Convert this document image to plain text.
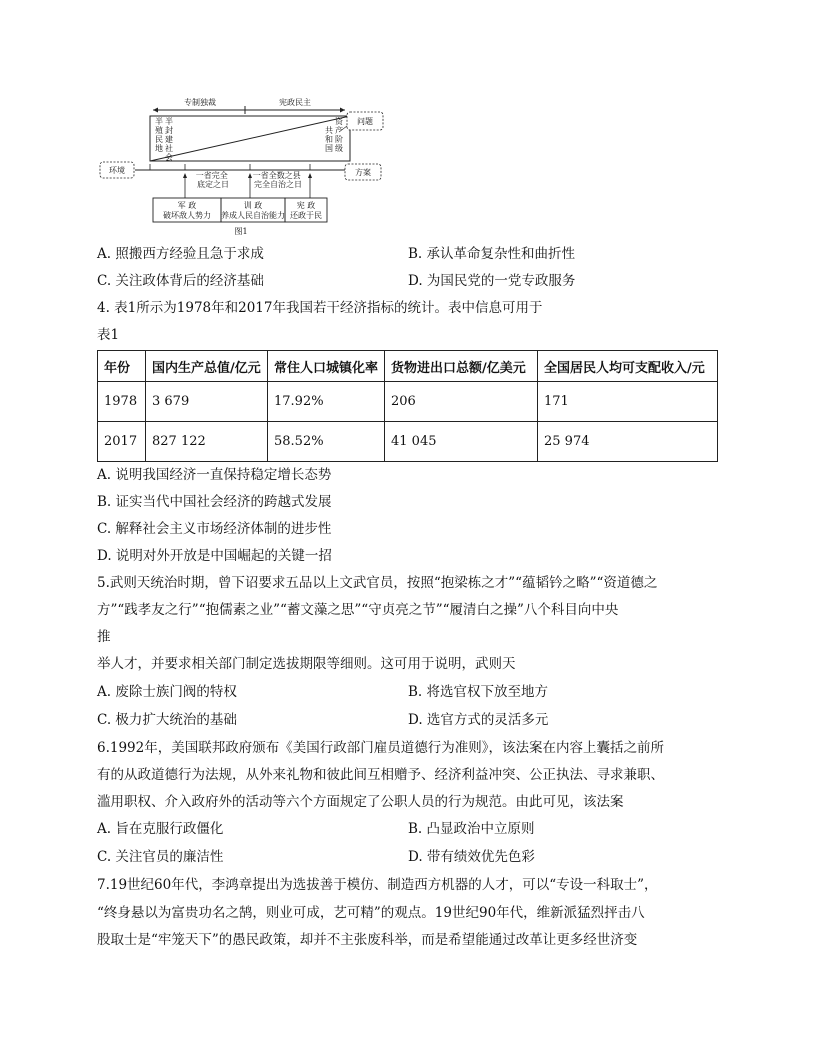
专制独裁	宪政民主
半殖民地 半封建社会
资产阶级 共和国
问题
环境	方案
一省完全 底定之日
一省全数之县 完全自治之日
军 政
破坏敌人势力
训 政
养成人民自治能力
宪 政
还政于民
图1
A. 照搬西方经验且急于求成	B. 承认革命复杂性和曲折性
C. 关注政体背后的经济基础	D. 为国民党的一党专政服务
4. 表1所示为1978年和2017年我国若干经济指标的统计。表中信息可用于
表1
年份	国内生产总值/亿元	常住人口城镇化率	货物进出口总额/亿美元	全国居民人均可支配收入/元
1978	3 679	17.92%	206	171
2017	827 122	58.52%	41 045	25 974
A. 说明我国经济一直保持稳定增长态势
B. 证实当代中国社会经济的跨越式发展
C. 解释社会主义市场经济体制的进步性
D. 说明对外开放是中国崛起的关键一招
5.武则天统治时期，曾下诏要求五品以上文武官员，按照“抱梁栋之才”“蕴韬钤之略”“资道德之
方”“践孝友之行”“抱儒素之业”“蓄文藻之思”“守贞亮之节”“履清白之操”八个科目向中央
推
举人才，并要求相关部门制定选拔期限等细则。这可用于说明，武则天
A. 废除士族门阀的特权	B. 将选官权下放至地方
C. 极力扩大统治的基础	D. 选官方式的灵活多元
6.1992年，美国联邦政府颁布《美国行政部门雇员道德行为准则》，该法案在内容上囊括之前所
有的从政道德行为法规，从外来礼物和彼此间互相赠予、经济利益冲突、公正执法、寻求兼职、
滥用职权、介入政府外的活动等六个方面规定了公职人员的行为规范。由此可见，该法案
A. 旨在克服行政僵化	B. 凸显政治中立原则
C. 关注官员的廉洁性	D. 带有绩效优先色彩
7.19世纪60年代，李鸿章提出为选拔善于模仿、制造西方机器的人才，可以“专设一科取士”，
“终身悬以为富贵功名之鹄，则业可成，艺可精”的观点。19世纪90年代，维新派猛烈抨击八
股取士是“牢笼天下”的愚民政策，却并不主张废科举，而是希望能通过改革让更多经世济变
